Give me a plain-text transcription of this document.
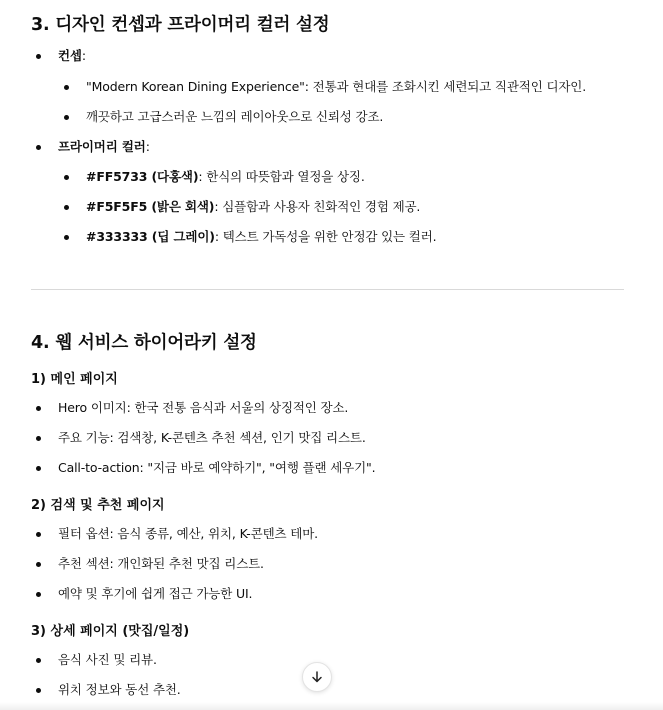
3. 디자인 컨셉과 프라이머리 컬러 설정
컨셉:
"Modern Korean Dining Experience": 전통과 현대를 조화시킨 세련되고 직관적인 디자인.
깨끗하고 고급스러운 느낌의 레이아웃으로 신뢰성 강조.
프라이머리 컬러:
#FF5733 (다홍색): 한식의 따뜻함과 열정을 상징.
#F5F5F5 (밝은 회색): 심플함과 사용자 친화적인 경험 제공.
#333333 (딥 그레이): 텍스트 가독성을 위한 안정감 있는 컬러.
4. 웹 서비스 하이어라키 설정
1) 메인 페이지
Hero 이미지: 한국 전통 음식과 서울의 상징적인 장소.
주요 기능: 검색창, K-콘텐츠 추천 섹션, 인기 맛집 리스트.
Call-to-action: "지금 바로 예약하기", "여행 플랜 세우기".
2) 검색 및 추천 페이지
필터 옵션: 음식 종류, 예산, 위치, K-콘텐츠 테마.
추천 섹션: 개인화된 추천 맛집 리스트.
예약 및 후기에 쉽게 접근 가능한 UI.
3) 상세 페이지 (맛집/일정)
음식 사진 및 리뷰.
위치 정보와 동선 추천.
